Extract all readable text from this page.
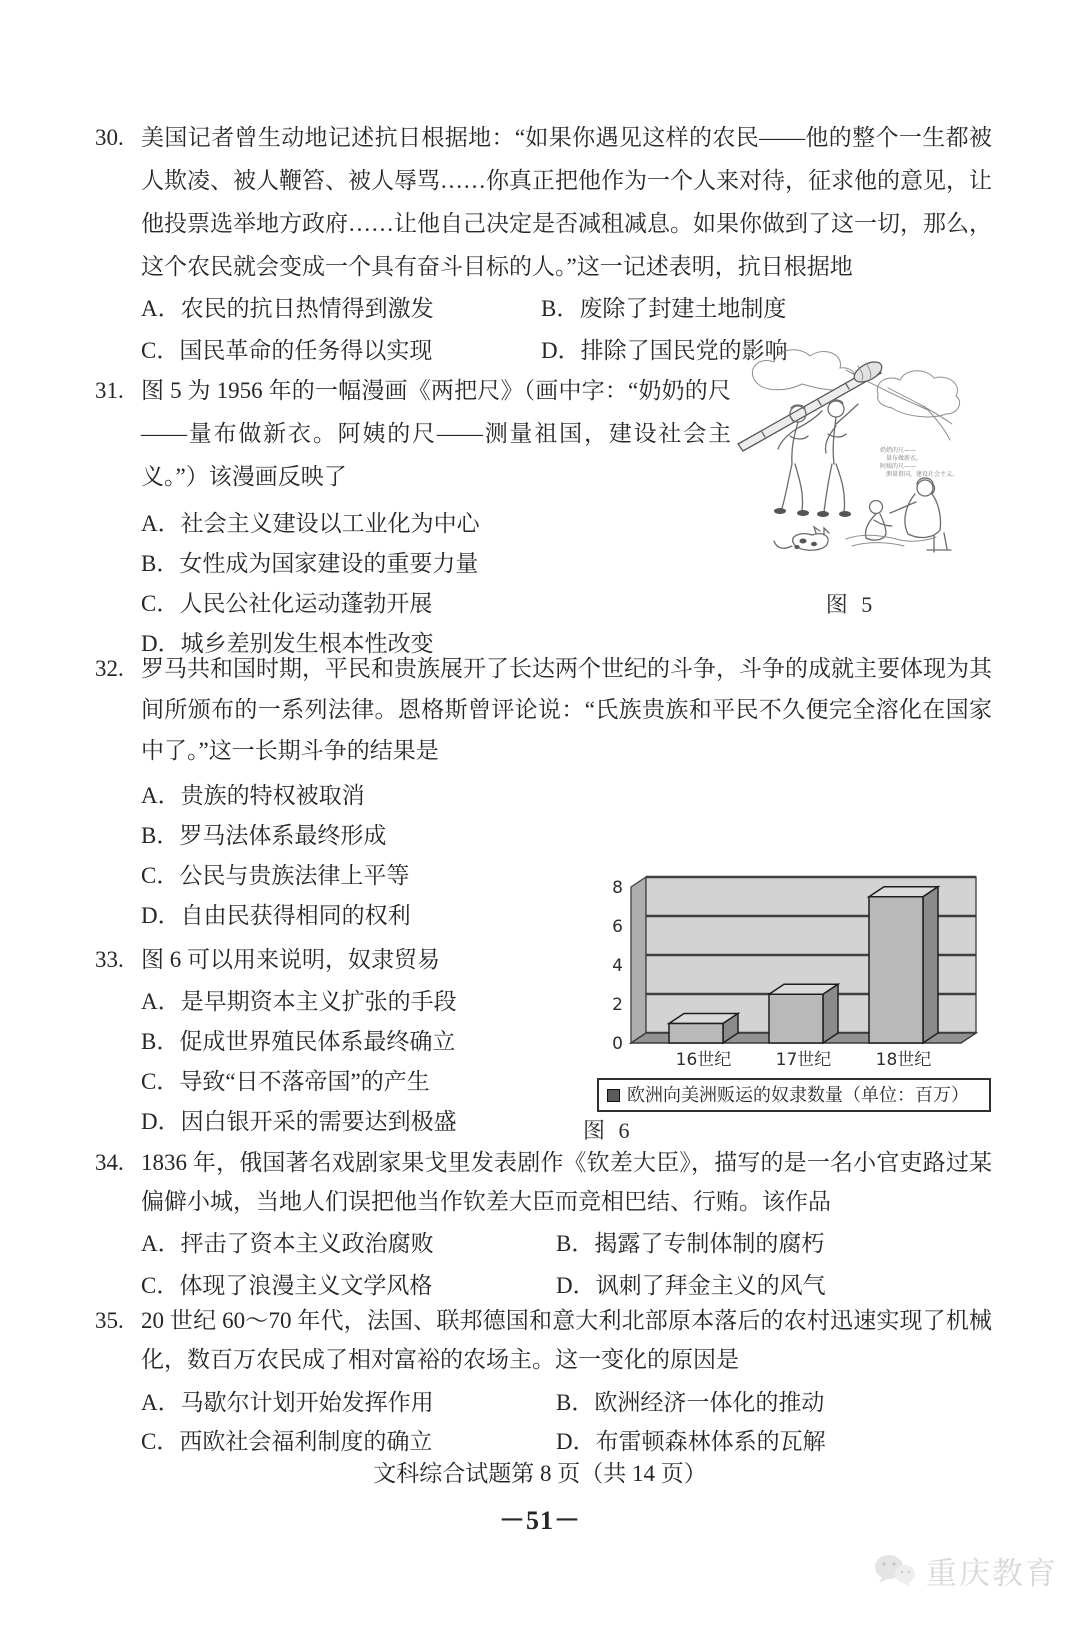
30. 美国记者曾生动地记述抗日根据地：“如果你遇见这样的农民——他的整个一生都被人欺凌、被人鞭笞、被人辱骂……你真正把他作为一个人来对待，征求他的意见，让他投票选举地方政府……让他自己决定是否减租减息。如果你做到了这一切，那么，这个农民就会变成一个具有奋斗目标的人。”这一记述表明，抗日根据地

A．农民的抗日热情得到激发	B．废除了封建土地制度
C．国民革命的任务得以实现	D．排除了国民党的影响
31. 图 5 为 1956 年的一幅漫画《两把尺》（画中字：“奶奶的尺——量布做新衣。阿姨的尺——测量祖国，建设社会主义。”）该漫画反映了

A．社会主义建设以工业化为中心
B．女性成为国家建设的重要力量
C．人民公社化运动蓬勃开展
D．城乡差别发生根本性改变
奶奶的尺——
量布做新衣。
阿姨的尺——
测量祖国，建设社会主义。
图 5
32. 罗马共和国时期，平民和贵族展开了长达两个世纪的斗争，斗争的成就主要体现为其间所颁布的一系列法律。恩格斯曾评论说：“氏族贵族和平民不久便完全溶化在国家中了。”这一长期斗争的结果是

A．贵族的特权被取消
B．罗马法体系最终形成
C．公民与贵族法律上平等
D．自由民获得相同的权利
33. 图 6 可以用来说明，奴隶贸易

A．是早期资本主义扩张的手段
B．促成世界殖民体系最终确立
C．导致“日不落帝国”的产生
D．因白银开采的需要达到极盛
0
2
4
6
8
16世纪	17世纪	18世纪
欧洲向美洲贩运的奴隶数量（单位：百万）
图 6
34. 1836 年，俄国著名戏剧家果戈里发表剧作《钦差大臣》，描写的是一名小官吏路过某偏僻小城，当地人们误把他当作钦差大臣而竞相巴结、行贿。该作品

A．抨击了资本主义政治腐败	B．揭露了专制体制的腐朽
C．体现了浪漫主义文学风格	D．讽刺了拜金主义的风气
35. 20 世纪 60～70 年代，法国、联邦德国和意大利北部原本落后的农村迅速实现了机械化，数百万农民成了相对富裕的农场主。这一变化的原因是

A．马歇尔计划开始发挥作用	B．欧洲经济一体化的推动
C．西欧社会福利制度的确立	D．布雷顿森林体系的瓦解
文科综合试题第 8 页（共 14 页）
－51－
重庆教育
